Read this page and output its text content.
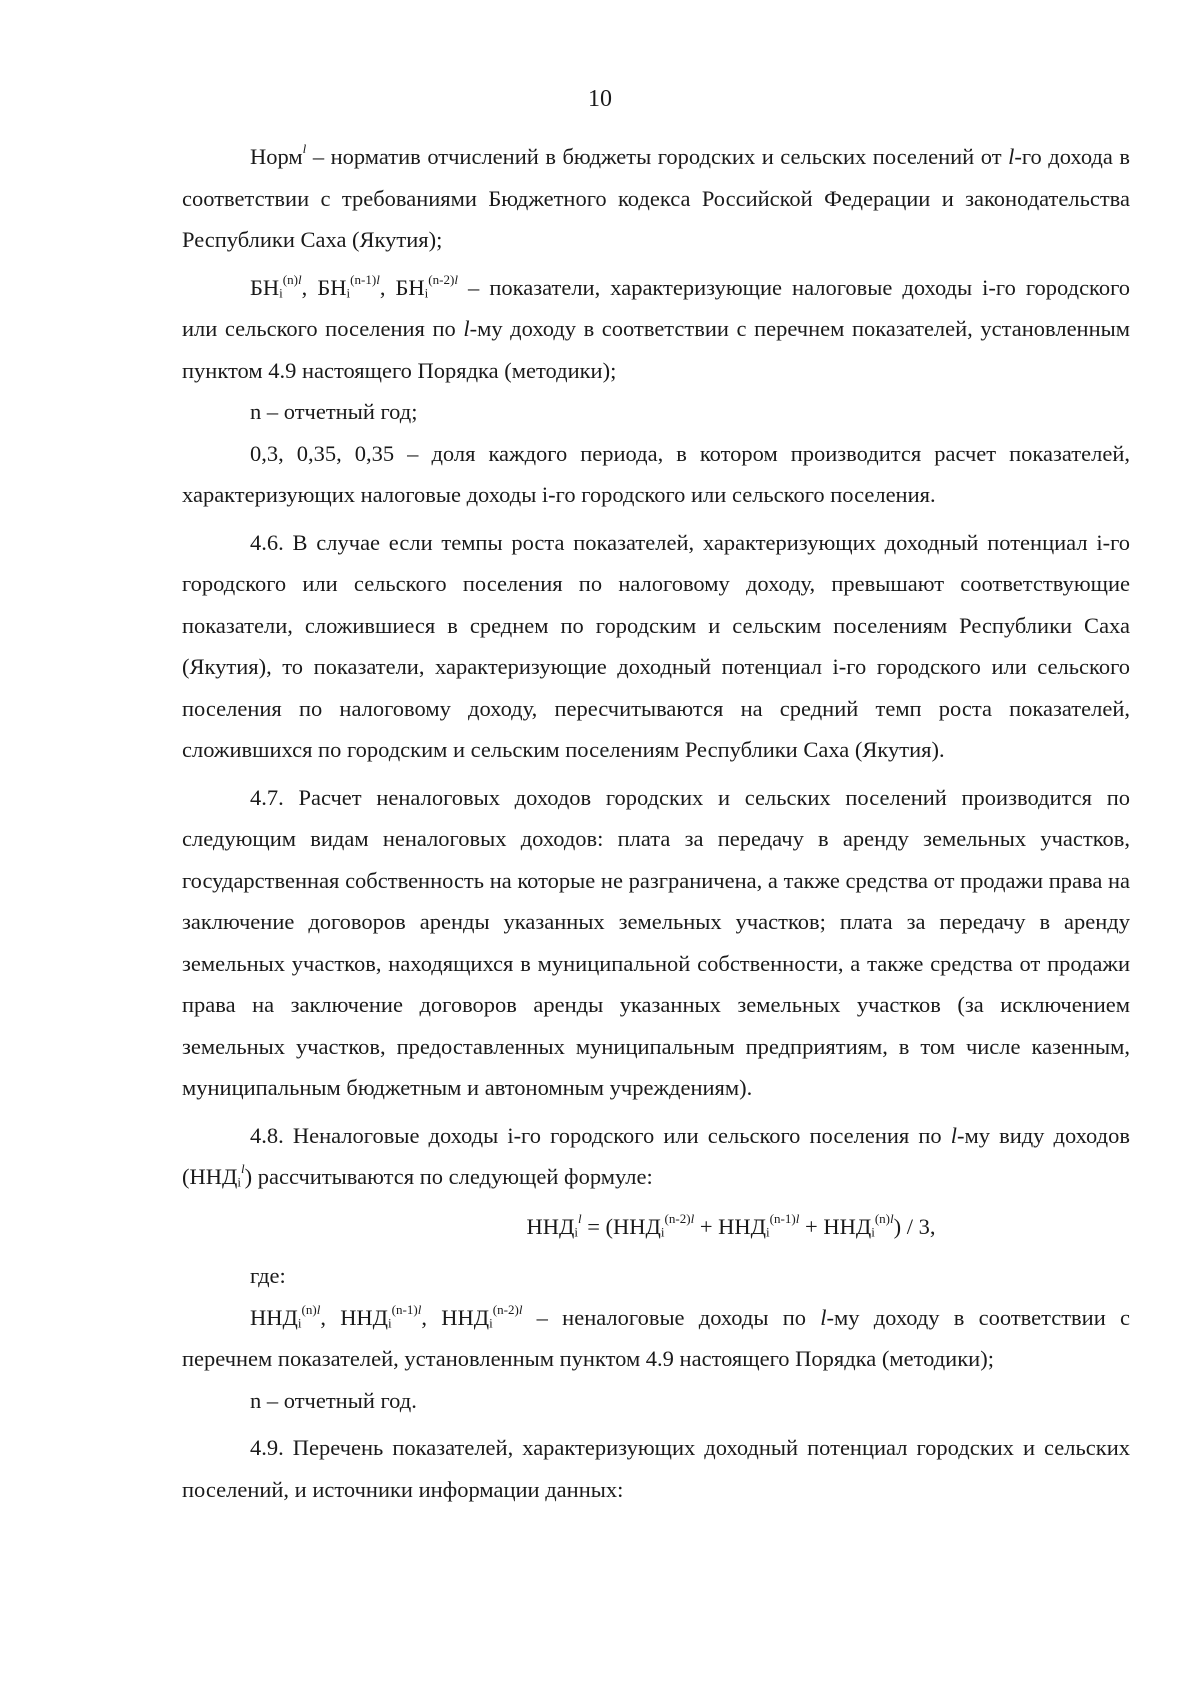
10

Норм$^l$ – норматив отчислений в бюджеты городских и сельских поселений от l-го дохода в соответствии с требованиями Бюджетного кодекса Российской Федерации и законодательства Республики Саха (Якутия);

$БН_i^{(n)l}$, $БН_i^{(n-1)l}$, $БН_i^{(n-2)l}$ – показатели, характеризующие налоговые доходы i-го городского или сельского поселения по l-му доходу в соответствии с перечнем показателей, установленным пунктом 4.9 настоящего Порядка (методики);

n – отчетный год;

0,3, 0,35, 0,35 – доля каждого периода, в котором производится расчет показателей, характеризующих налоговые доходы i-го городского или сельского поселения.

4.6. В случае если темпы роста показателей, характеризующих доходный потенциал i-го городского или сельского поселения по налоговому доходу, превышают соответствующие показатели, сложившиеся в среднем по городским и сельским поселениям Республики Саха (Якутия), то показатели, характеризующие доходный потенциал i-го городского или сельского поселения по налоговому доходу, пересчитываются на средний темп роста показателей, сложившихся по городским и сельским поселениям Республики Саха (Якутия).

4.7. Расчет неналоговых доходов городских и сельских поселений производится по следующим видам неналоговых доходов: плата за передачу в аренду земельных участков, государственная собственность на которые не разграничена, а также средства от продажи права на заключение договоров аренды указанных земельных участков; плата за передачу в аренду земельных участков, находящихся в муниципальной собственности, а также средства от продажи права на заключение договоров аренды указанных земельных участков (за исключением земельных участков, предоставленных муниципальным предприятиям, в том числе казенным, муниципальным бюджетным и автономным учреждениям).

4.8. Неналоговые доходы i-го городского или сельского поселения по l-му виду доходов $(ННД_i^l)$ рассчитываются по следующей формуле:

$ННД_i^l = (ННД_i^{(n-2)l} + ННД_i^{(n-1)l} + ННД_i^{(n)l}) / 3$,

где:

$ННД_i^{(n)l}$, $ННД_i^{(n-1)l}$, $ННД_i^{(n-2)l}$ – неналоговые доходы по l-му доходу в соответствии с перечнем показателей, установленным пунктом 4.9 настоящего Порядка (методики);

n – отчетный год.

4.9. Перечень показателей, характеризующих доходный потенциал городских и сельских поселений, и источники информации данных:
